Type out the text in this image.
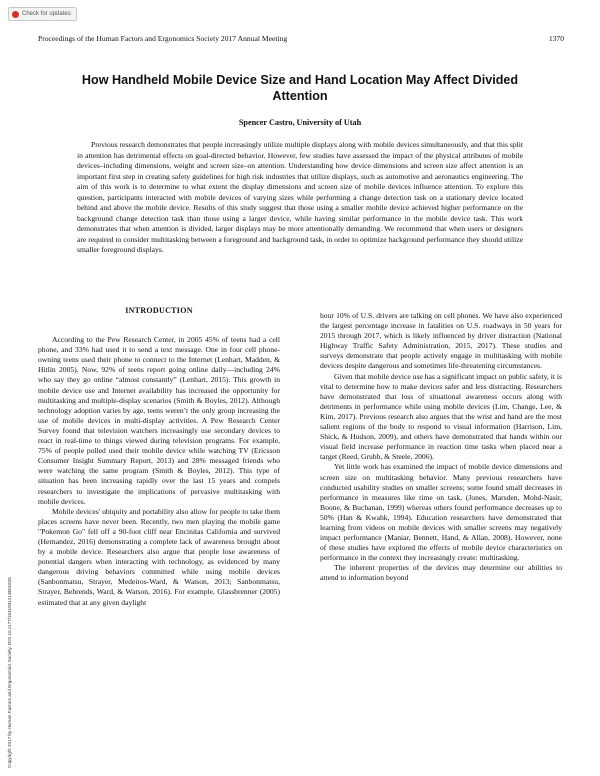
Check for updates
Proceedings of the Human Factors and Ergonomics Society 2017 Annual Meeting	1370
How Handheld Mobile Device Size and Hand Location May Affect Divided Attention
Spencer Castro, University of Utah

Previous research demonstrates that people increasingly utilize multiple displays along with mobile devices simultaneously, and that this split in attention has detrimental effects on goal-directed behavior. However, few studies have assessed the impact of the physical attributes of mobile devices–including dimensions, weight and screen size–on attention. Understanding how device dimensions and screen size affect attention is an important first step in creating safety guidelines for high risk industries that utilize displays, such as automotive and aeronautics engineering. The aim of this work is to determine to what extent the display dimensions and screen size of mobile devices influence attention. To explore this question, participants interacted with mobile devices of varying sizes while performing a change detection task on a stationary device located behind and above the mobile device. Results of this study suggest that those using a smaller mobile device achieved higher performance on the background change detection task than those using a larger device, while having similar performance in the mobile device task. This work demonstrates that when attention is divided, larger displays may be more attentionally demanding. We recommend that when users or designers are required to consider multitasking between a foreground and background task, in order to optimize background performance they should utilize smaller foreground displays.

INTRODUCTION

According to the Pew Research Center, in 2005 45% of teens had a cell phone, and 33% had used it to send a text message. One in four cell phone-owning teens used their phone to connect to the Internet (Lenhart, Madden, & Hitlin 2005). Now, 92% of teens report going online daily—including 24% who say they go online “almost constantly” (Lenhart, 2015). This growth in mobile device use and Internet availability has increased the opportunity for multitasking and multiple-display scenarios (Smith & Boyles, 2012). Although technology adoption varies by age, teens weren’t the only group increasing the use of mobile devices in multi-display activities. A Pew Research Center Survey found that television watchers increasingly use secondary devices to react in real-time to things viewed during television programs. For example, 75% of people polled used their mobile device while watching TV (Ericsson Consumer Insight Summary Report, 2013) and 28% messaged friends who were watching the same program (Smith & Boyles, 2012). This type of situation has been increasing rapidly over the last 15 years and compels researchers to investigate the implications of pervasive multitasking with mobile devices.

Mobile devices' ubiquity and portability also allow for people to take them places screens have never been. Recently, two men playing the mobile game "Pokemon Go" fell off a 90-foot cliff near Encinitas California and survived (Hernandez, 2016) demonstrating a complete lack of awareness brought about by a mobile device. Researchers also argue that people lose awareness of potential dangers when interacting with technology, as evidenced by many dangerous driving behaviors committed while using mobile devices (Sanbonmatsu, Strayer, Medeiros-Ward, & Watson, 2013; Sanbonmatsu, Strayer, Behrends, Ward, & Watson, 2016). For example, Glassbrenner (2005) estimated that at any given daylight

hour 10% of U.S. drivers are talking on cell phones. We have also experienced the largest percentage increase in fatalities on U.S. roadways in 50 years for 2015 through 2017, which is likely influenced by driver distraction (National Highway Traffic Safety Administration, 2015, 2017). These studies and surveys demonstrate that people actively engage in multitasking with mobile devices despite dangerous and sometimes life-threatening circumstances.

Given that mobile device use has a significant impact on public safety, it is vital to determine how to make devices safer and less distracting. Researchers have demonstrated that loss of situational awareness occurs along with detriments in performance while using mobile devices (Lim, Change, Lee, & Kim, 2017). Previous research also argues that the wrist and hand are the most salient regions of the body to respond to visual information (Harrison, Lim, Shick, & Hudson, 2009), and others have demonstrated that hands within our visual field increase performance in reaction time tasks when placed near a target (Reed, Grubb, & Steele, 2006).

Yet little work has examined the impact of mobile device dimensions and screen size on multitasking behavior. Many previous researchers have conducted usability studies on smaller screens; some found small decreases in performance in measures like time on task, (Jones, Marsden, Mohd-Nasir, Boone, & Buchanan, 1999) whereas others found performance decreases up to 50% (Han & Kwahk, 1994). Education researchers have demonstrated that learning from videos on mobile devices with smaller screens may negatively impact performance (Maniar, Bennett, Hand, & Allan, 2008). However, none of these studies have explored the effects of mobile device characteristics on performance in the context they increasingly create: multitasking.

The inherent properties of the devices may determine our abilities to attend to information beyond

Copyright 2017 by Human Factors and Ergonomics Society. DOI 10.1177/1541931213601826
